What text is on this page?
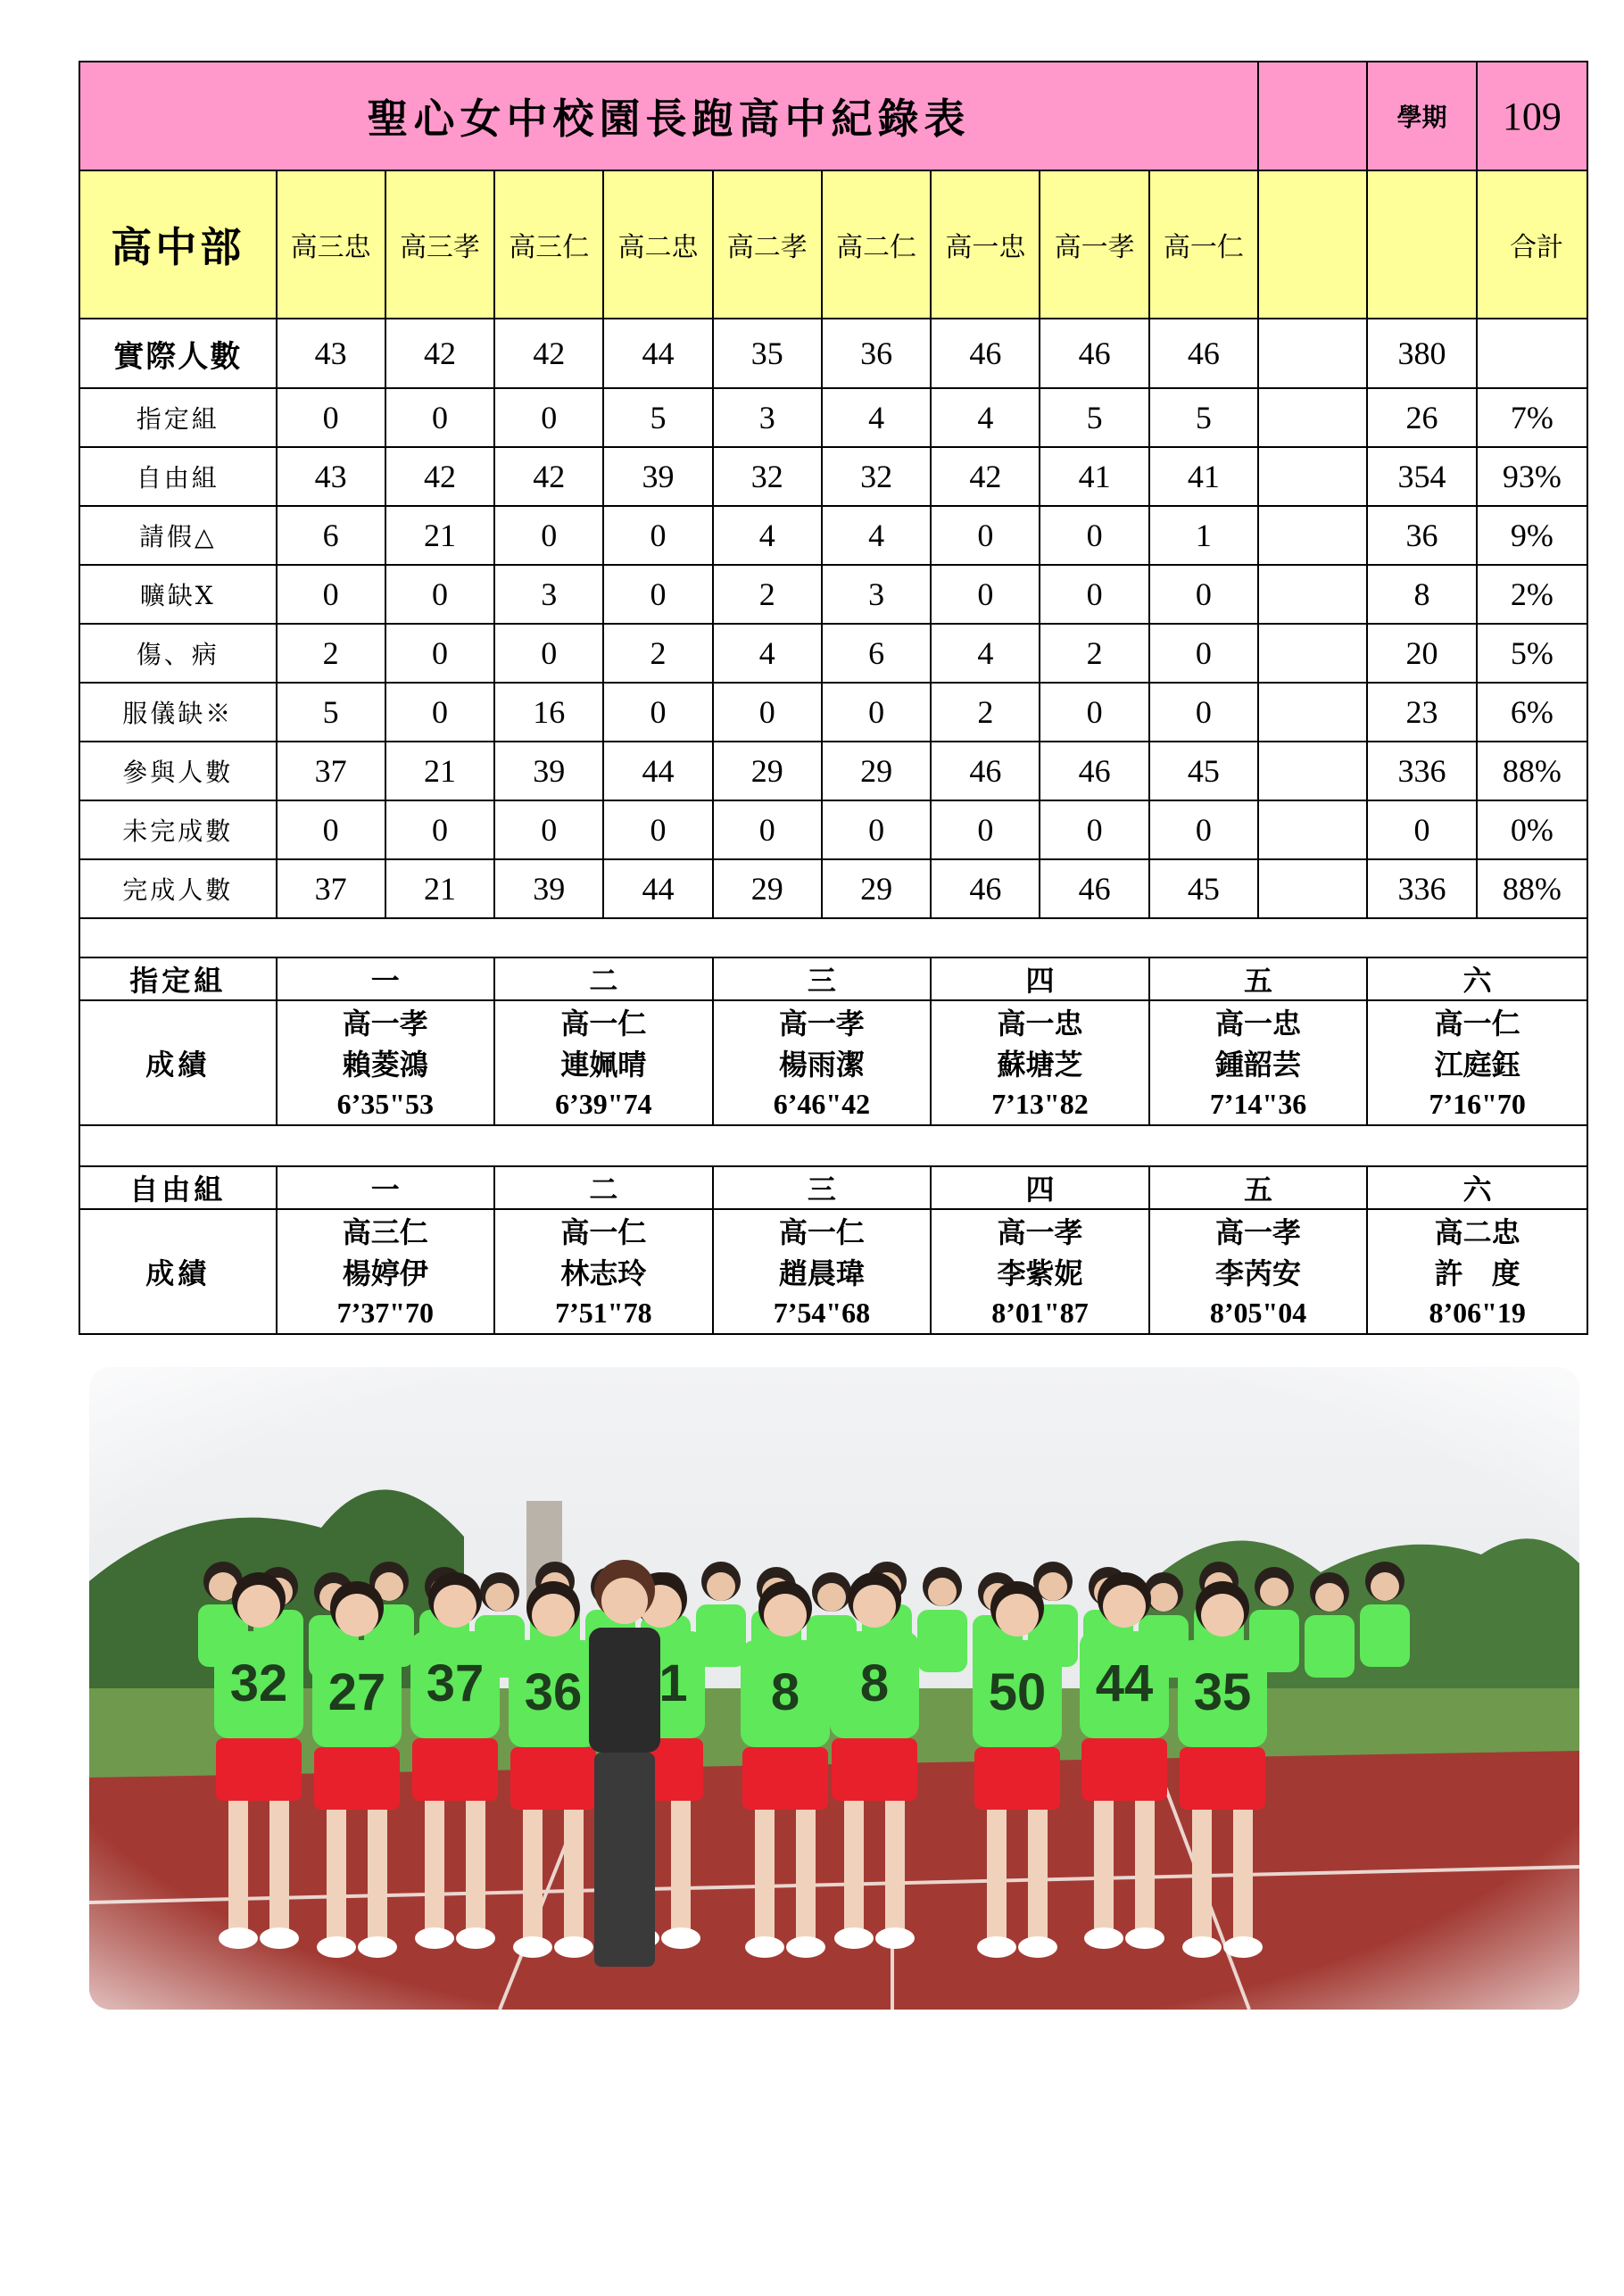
聖心女中校園長跑高中紀錄表											學期	109
高中部	高三忠	高三孝	高三仁	高二忠	高二孝	高二仁	高一忠	高一孝	高一仁			合計
實際人數	43	42	42	44	35	36	46	46	46		380	
指定組	0	0	0	5	3	4	4	5	5		26	7%
自由組	43	42	42	39	32	32	42	41	41		354	93%
請假△	6	21	0	0	4	4	0	0	1		36	9%
曠缺X	0	0	3	0	2	3	0	0	0		8	2%
傷、病	2	0	0	2	4	6	4	2	0		20	5%
服儀缺※	5	0	16	0	0	0	2	0	0		23	6%
參與人數	37	21	39	44	29	29	46	46	45		336	88%
未完成數	0	0	0	0	0	0	0	0	0		0	0%
完成人數	37	21	39	44	29	29	46	46	45		336	88%

指定組	一		二		三		四		五		六	
成績	高一孝		高一仁		高一孝		高一忠		高一忠		高一仁	
	賴菱鴻		連姵晴		楊雨潔		蘇塘芝		鍾韶芸		江庭鈺	
	6’35"53		6’39"74		6’46"42		7’13"82		7’14"36		7’16"70	

自由組	一		二		三		四		五		六	
成績	高三仁		高一仁		高一仁		高一孝		高一孝		高二忠	
	楊婷伊		林志玲		趙晨瑋		李紫妮		李芮安		許　度	
	7’37"70		7’51"78		7’54"68		8’01"87		8’05"04		8’06"19	
